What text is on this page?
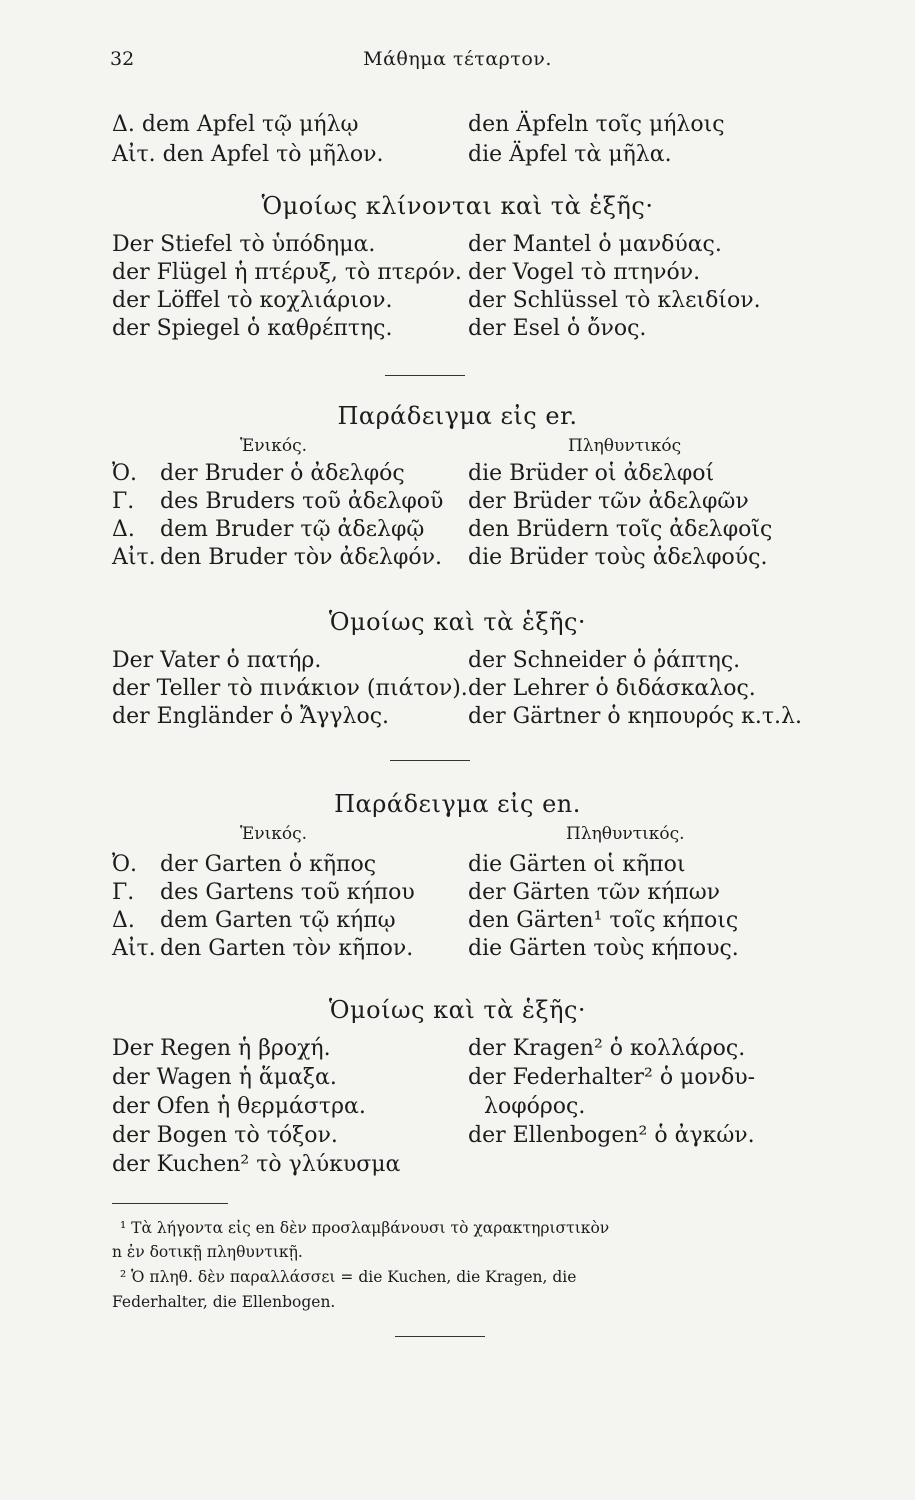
32	Μάθημα τέταρτον.
Δ. dem Apfel τῷ μήλῳ	den Äpfeln τοῖς μήλοις
Αἰτ. den Apfel τὸ μῆλον.	die Äpfel τὰ μῆλα.
Ὁμοίως κλίνονται καὶ τὰ ἑξῆς·
Der Stiefel τὸ ὑπόδημα.	der Mantel ὁ μανδύας.
der Flügel ἡ πτέρυξ, τὸ πτερόν. der Vogel τὸ πτηνόν.
der Löffel τὸ κοχλιάριον.	der Schlüssel τὸ κλειδίον.
der Spiegel ὁ καθρέπτης.	der Esel ὁ ὄνος.
Παράδειγμα εἰς er.
Ἑνικός.	Πληθυντικός
Ὀ. der Bruder ὁ ἀδελφός	die Brüder οἱ ἀδελφοί
Γ. des Bruders τοῦ ἀδελφοῦ der Brüder τῶν ἀδελφῶν
Δ. dem Bruder τῷ ἀδελφῷ den Brüdern τοῖς ἀδελφοῖς
Αἰτ. den Bruder τὸν ἀδελφόν. die Brüder τοὺς ἀδελφούς.
Ὁμοίως καὶ τὰ ἑξῆς·
Der Vater ὁ πατήρ.	der Schneider ὁ ῥάπτης.
der Teller τὸ πινάκιον (πιάτον). der Lehrer ὁ διδάσκαλος.
der Engländer ὁ Ἄγγλος.	der Gärtner ὁ κηπουρός κ.τ.λ.
Παράδειγμα εἰς en.
Ἑνικός.	Πληθυντικός.
Ὀ. der Garten ὁ κῆπος	die Gärten οἱ κῆποι
Γ. des Gartens τοῦ κήπου der Gärten τῶν κήπων
Δ. dem Garten τῷ κήπῳ	den Gärten¹ τοῖς κήποις
Αἰτ. den Garten τὸν κῆπον. die Gärten τοὺς κήπους.
Ὁμοίως καὶ τὰ ἑξῆς·
Der Regen ἡ βροχή.	der Kragen² ὁ κολλάρος.
der Wagen ἡ ἅμαξα.	der Federhalter² ὁ μονδυ-
der Ofen ἡ θερμάστρα.	λοφόρος.
der Bogen τὸ τόξον.	der Ellenbogen² ὁ ἀγκών.
der Kuchen² τὸ γλύκυσμα
¹ Τὰ λήγοντα εἰς en δὲν προσλαμβάνουσι τὸ χαρακτηριστικὸν
n ἐν δοτικῇ πληθυντικῇ.
² Ὁ πληθ. δὲν παραλλάσσει = die Kuchen, die Kragen, die
Federhalter, die Ellenbogen.
